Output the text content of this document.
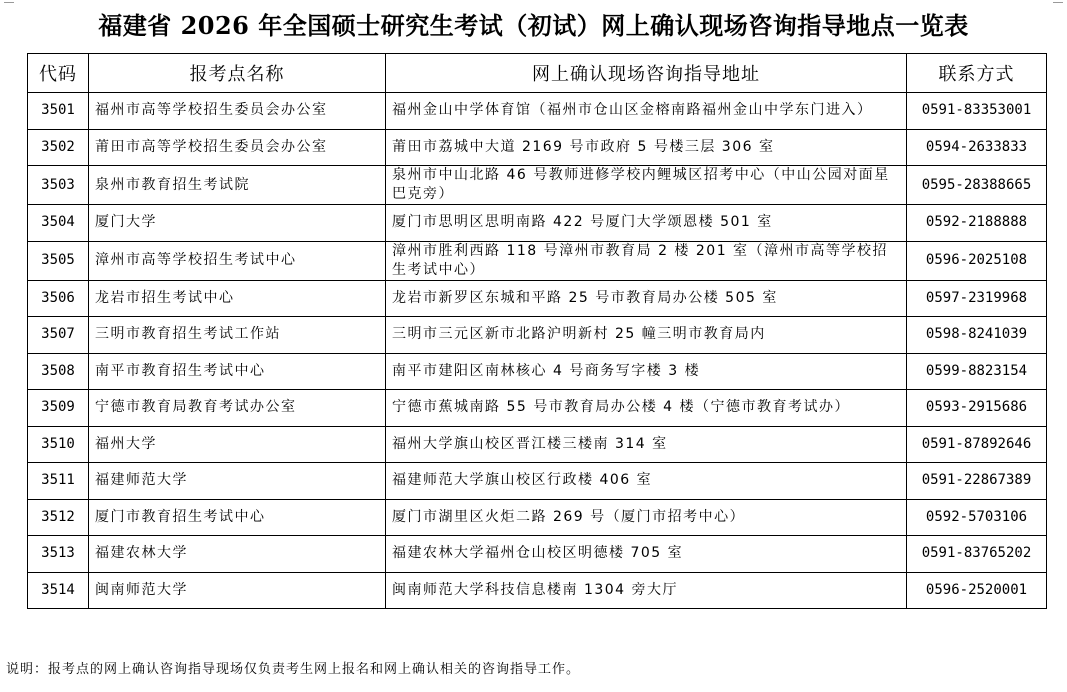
福建省 2026 年全国硕士研究生考试（初试）网上确认现场咨询指导地点一览表
代码	报考点名称	网上确认现场咨询指导地址	联系方式
3501	福州市高等学校招生委员会办公室	福州金山中学体育馆（福州市仓山区金榕南路福州金山中学东门进入）	0591-83353001
3502	莆田市高等学校招生委员会办公室	莆田市荔城中大道 2169 号市政府 5 号楼三层 306 室	0594-2633833
3503	泉州市教育招生考试院	泉州市中山北路 46 号教师进修学校内鲤城区招考中心（中山公园对面星巴克旁）	0595-28388665
3504	厦门大学	厦门市思明区思明南路 422 号厦门大学颂恩楼 501 室	0592-2188888
3505	漳州市高等学校招生考试中心	漳州市胜利西路 118 号漳州市教育局 2 楼 201 室（漳州市高等学校招生考试中心）	0596-2025108
3506	龙岩市招生考试中心	龙岩市新罗区东城和平路 25 号市教育局办公楼 505 室	0597-2319968
3507	三明市教育招生考试工作站	三明市三元区新市北路沪明新村 25 幢三明市教育局内	0598-8241039
3508	南平市教育招生考试中心	南平市建阳区南林核心 4 号商务写字楼 3 楼	0599-8823154
3509	宁德市教育局教育考试办公室	宁德市蕉城南路 55 号市教育局办公楼 4 楼（宁德市教育考试办）	0593-2915686
3510	福州大学	福州大学旗山校区晋江楼三楼南 314 室	0591-87892646
3511	福建师范大学	福建师范大学旗山校区行政楼 406 室	0591-22867389
3512	厦门市教育招生考试中心	厦门市湖里区火炬二路 269 号（厦门市招考中心）	0592-5703106
3513	福建农林大学	福建农林大学福州仓山校区明德楼 705 室	0591-83765202
3514	闽南师范大学	闽南师范大学科技信息楼南 1304 旁大厅	0596-2520001
说明：报考点的网上确认咨询指导现场仅负责考生网上报名和网上确认相关的咨询指导工作。
